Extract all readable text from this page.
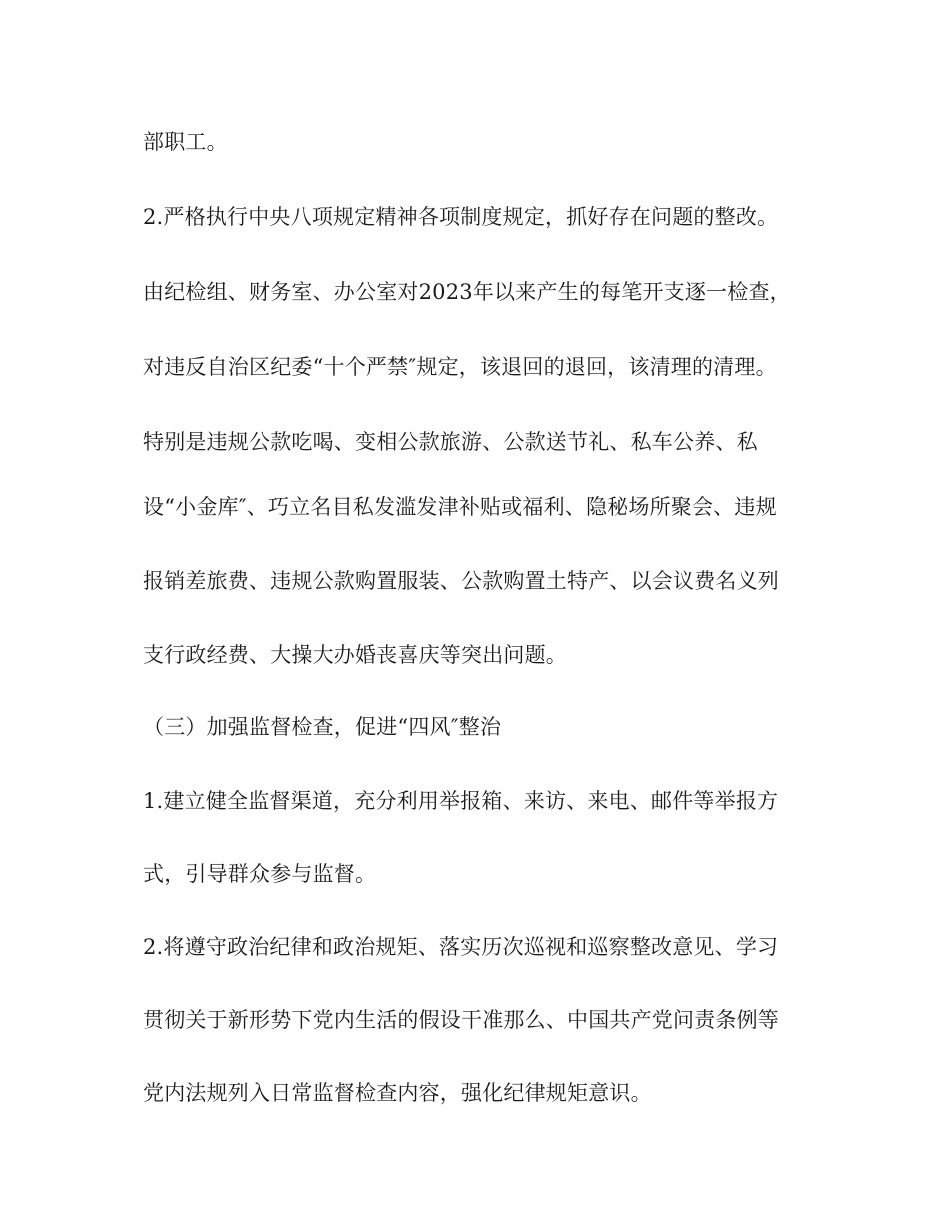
部职工。
2.严格执行中央八项规定精神各项制度规定，抓好存在问题的整改。
由纪检组、财务室、办公室对2023年以来产生的每笔开支逐一检查，
对违反自治区纪委“十个严禁″规定，该退回的退回，该清理的清理。
特别是违规公款吃喝、变相公款旅游、公款送节礼、私车公养、私
设“小金库″、巧立名目私发滥发津补贴或福利、隐秘场所聚会、违规
报销差旅费、违规公款购置服装、公款购置土特产、以会议费名义列
支行政经费、大操大办婚丧喜庆等突出问题。
（三）加强监督检查，促进“四风″整治
1.建立健全监督渠道，充分利用举报箱、来访、来电、邮件等举报方
式，引导群众参与监督。
2.将遵守政治纪律和政治规矩、落实历次巡视和巡察整改意见、学习
贯彻关于新形势下党内生活的假设干准那么、中国共产党问责条例等
党内法规列入日常监督检查内容，强化纪律规矩意识。
